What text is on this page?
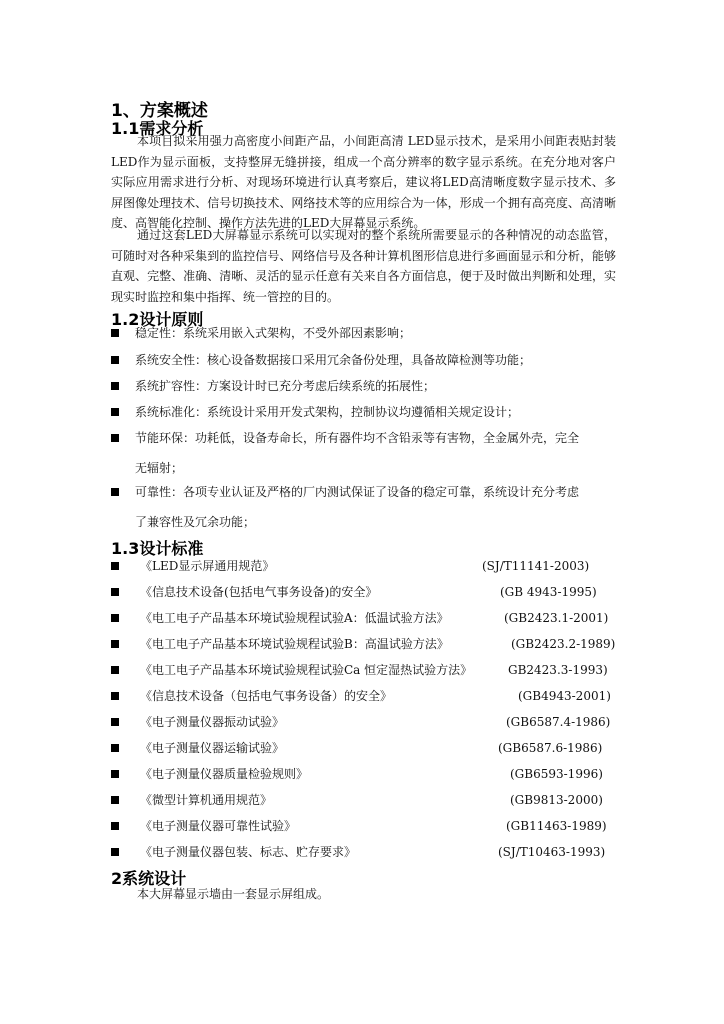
1、方案概述
1.1需求分析

本项目拟采用强力高密度小间距产品，小间距高清 LED显示技术，是采用小间距表贴封装LED作为显示面板，支持整屏无缝拼接，组成一个高分辨率的数字显示系统。在充分地对客户实际应用需求进行分析、对现场环境进行认真考察后，建议将LED高清晰度数字显示技术、多屏图像处理技术、信号切换技术、网络技术等的应用综合为一体，形成一个拥有高亮度、高清晰度、高智能化控制、操作方法先进的LED大屏幕显示系统。

通过这套LED大屏幕显示系统可以实现对的整个系统所需要显示的各种情况的动态监管，可随时对各种采集到的监控信号、网络信号及各种计算机图形信息进行多画面显示和分析，能够直观、完整、准确、清晰、灵活的显示任意有关来自各方面信息，便于及时做出判断和处理，实现实时监控和集中指挥、统一管控的目的。

1.2设计原则
稳定性：系统采用嵌入式架构，不受外部因素影响；
系统安全性：核心设备数据接口采用冗余备份处理，具备故障检测等功能；
系统扩容性：方案设计时已充分考虑后续系统的拓展性；
系统标准化：系统设计采用开发式架构，控制协议均遵循相关规定设计；
节能环保：功耗低，设备寿命长，所有器件均不含铅汞等有害物，全金属外壳，完全
无辐射；
可靠性：各项专业认证及严格的厂内测试保证了设备的稳定可靠，系统设计充分考虑
了兼容性及冗余功能；
1.3设计标准
《LED显示屏通用规范》	(SJ/T11141-2003)
《信息技术设备(包括电气事务设备)的安全》	(GB 4943-1995)
《电工电子产品基本环境试验规程试验A：低温试验方法》	(GB2423.1-2001)
《电工电子产品基本环境试验规程试验B：高温试验方法》	(GB2423.2-1989)
《电工电子产品基本环境试验规程试验Ca 恒定湿热试验方法》	GB2423.3-1993)
《信息技术设备（包括电气事务设备）的安全》	(GB4943-2001)
《电子测量仪器振动试验》	(GB6587.4-1986)
《电子测量仪器运输试验》	(GB6587.6-1986)
《电子测量仪器质量检验规则》	(GB6593-1996)
《微型计算机通用规范》	(GB9813-2000)
《电子测量仪器可靠性试验》	(GB11463-1989)
《电子测量仪器包装、标志、贮存要求》	(SJ/T10463-1993)
2系统设计

本大屏幕显示墙由一套显示屏组成。
